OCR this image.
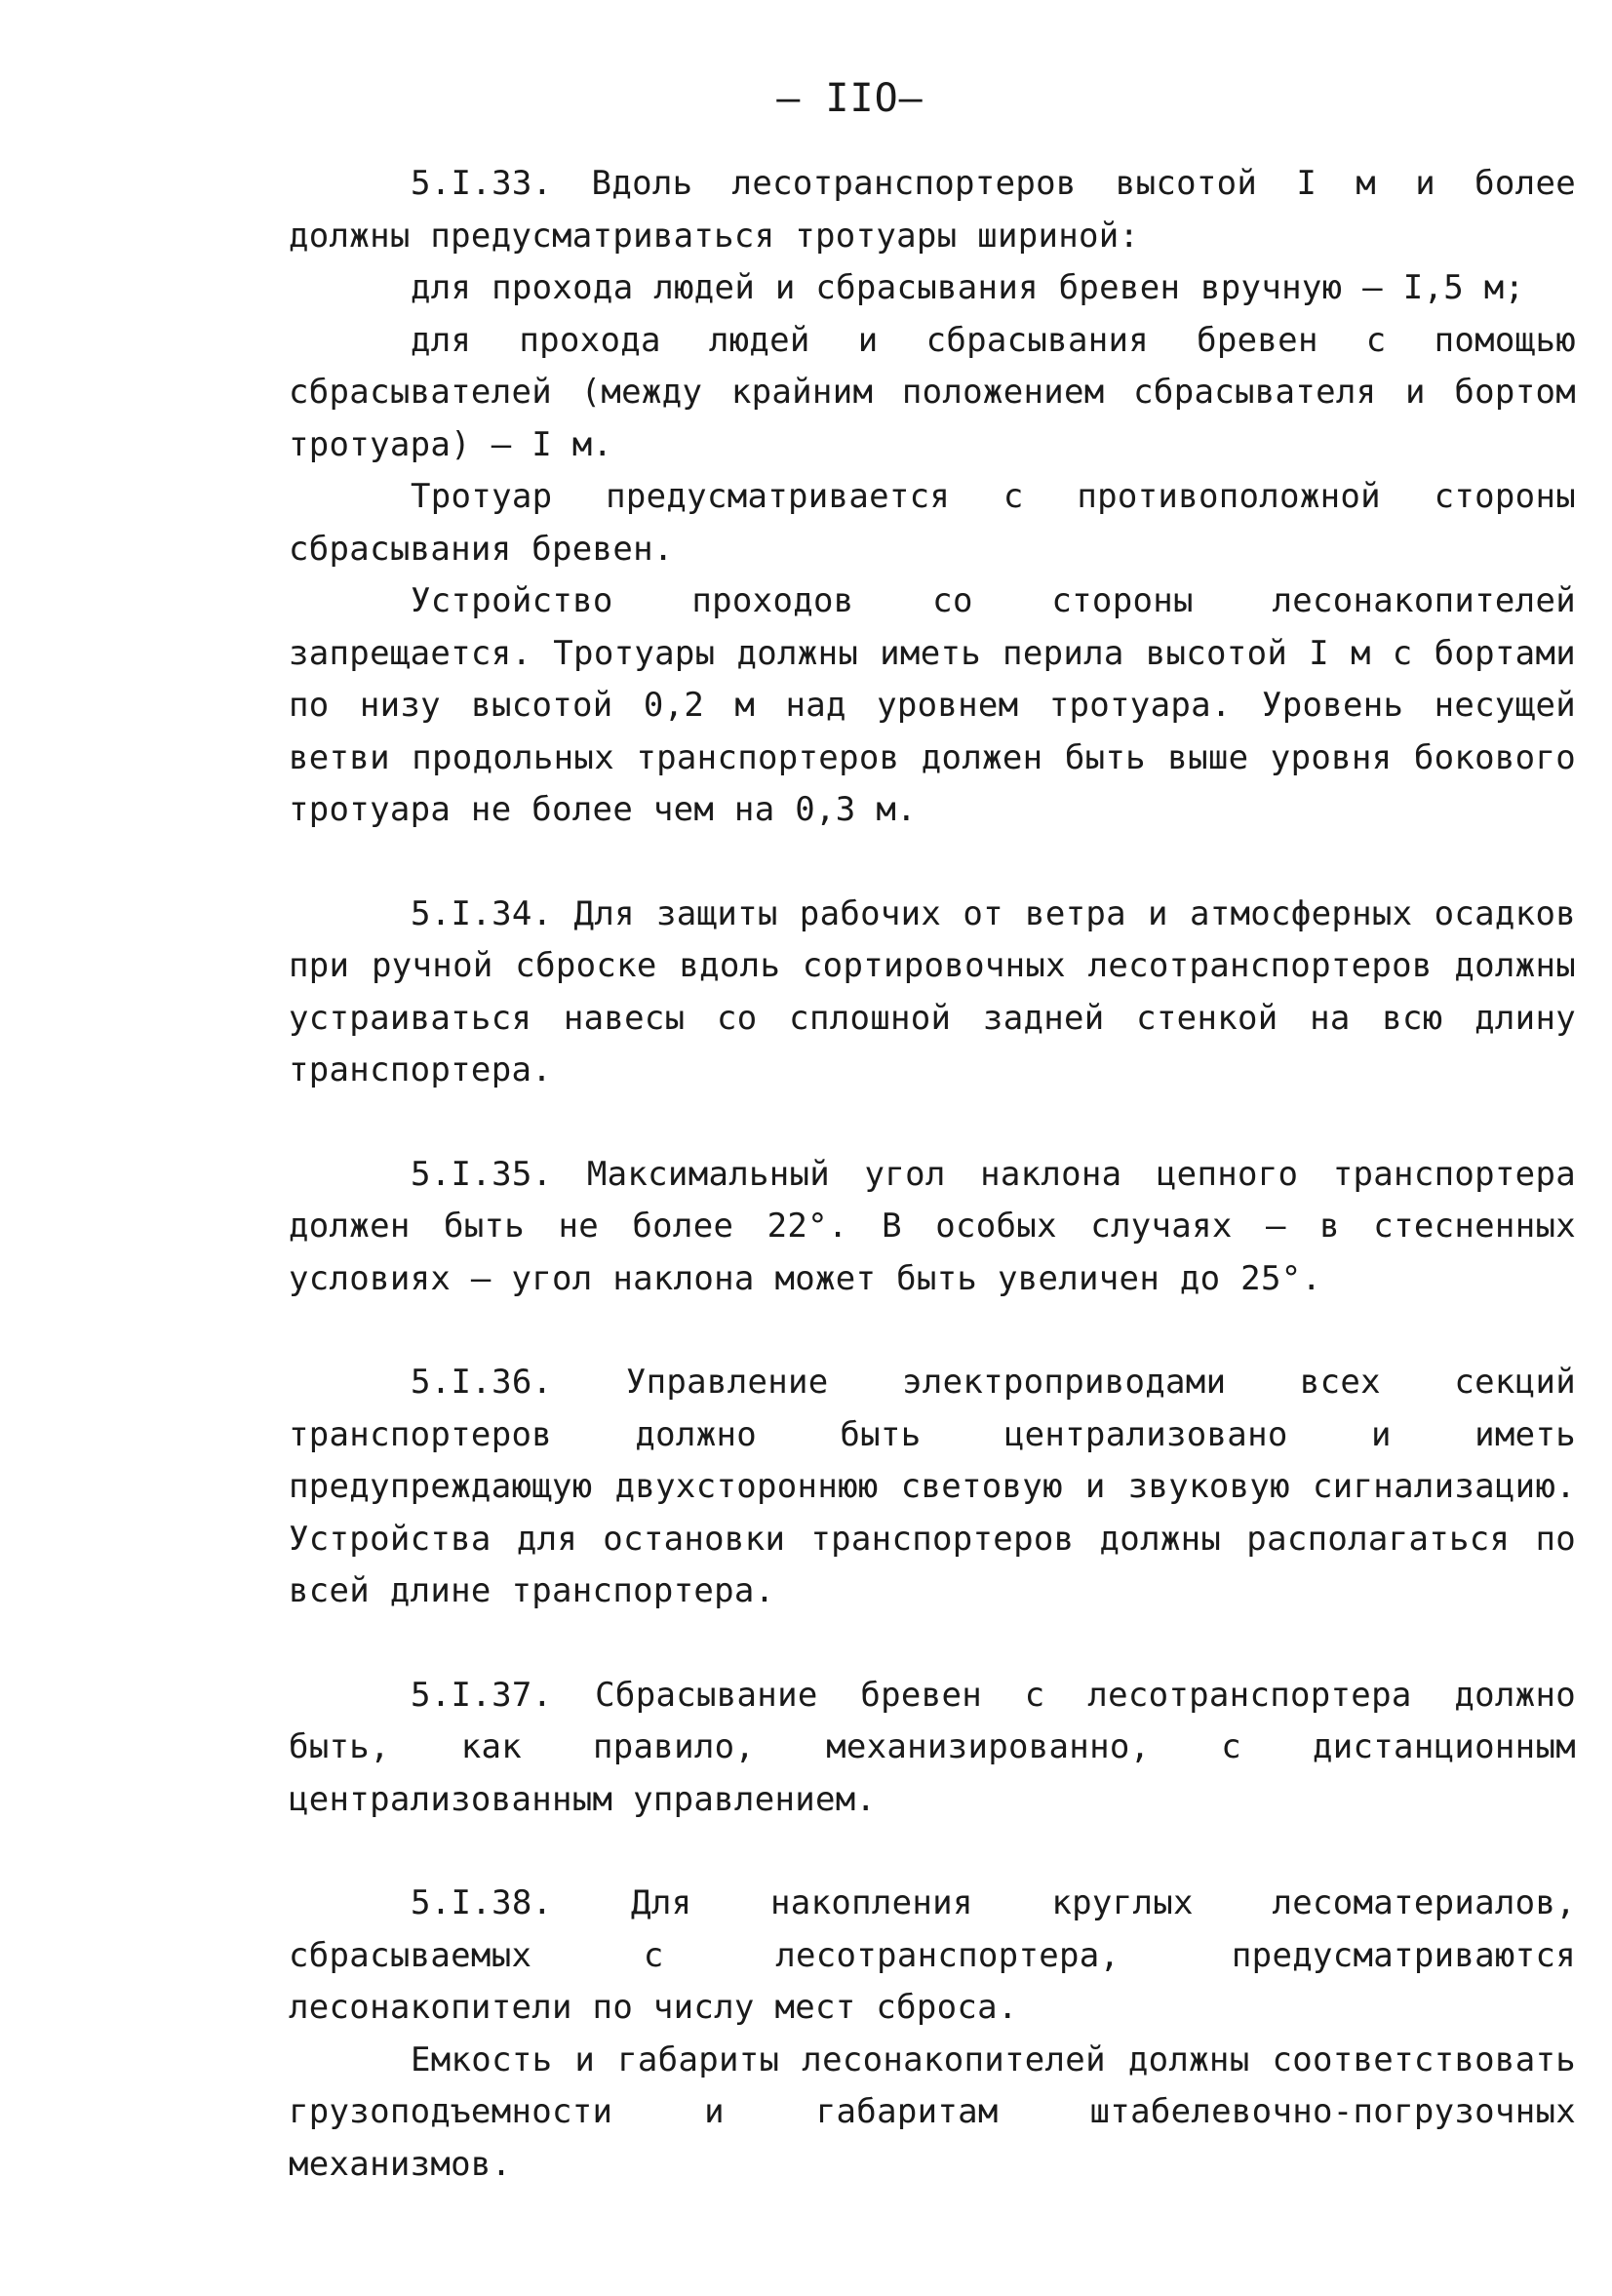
— IIO—

5.I.33. Вдоль лесотранспортеров высотой I м и более должны предусматриваться тротуары шириной:

для прохода людей и сбрасывания бревен вручную – I,5 м;

для прохода людей и сбрасывания бревен с помощью сбрасывателей (между крайним положением сбрасывателя и бортом тротуара) – I м.

Тротуар предусматривается с противоположной стороны сбрасывания бревен.

Устройство проходов со стороны лесонакопителей запрещается. Тротуары должны иметь перила высотой I м с бортами по низу высотой 0,2 м над уровнем тротуара. Уровень несущей ветви продольных транспортеров должен быть выше уровня бокового тротуара не более чем на 0,3 м.

5.I.34. Для защиты рабочих от ветра и атмосферных осадков при ручной сброске вдоль сортировочных лесотранспортеров должны устраиваться навесы со сплошной задней стенкой на всю длину транспортера.

5.I.35. Максимальный угол наклона цепного транспортера должен быть не более 22°. В особых случаях – в стесненных условиях – угол наклона может быть увеличен до 25°.

5.I.36. Управление электроприводами всех секций транспортеров должно быть централизовано и иметь предупреждающую двухстороннюю световую и звуковую сигнализацию. Устройства для остановки транспортеров должны располагаться по всей длине транспортера.

5.I.37. Сбрасывание бревен с лесотранспортера должно быть, как правило, механизированно, с дистанционным централизованным управлением.

5.I.38. Для накопления круглых лесоматериалов, сбрасываемых с лесотранспортера, предусматриваются лесонакопители по числу мест сброса.

Емкость и габариты лесонакопителей должны соответствовать грузоподъемности и габаритам штабелевочно-погрузочных механизмов.
